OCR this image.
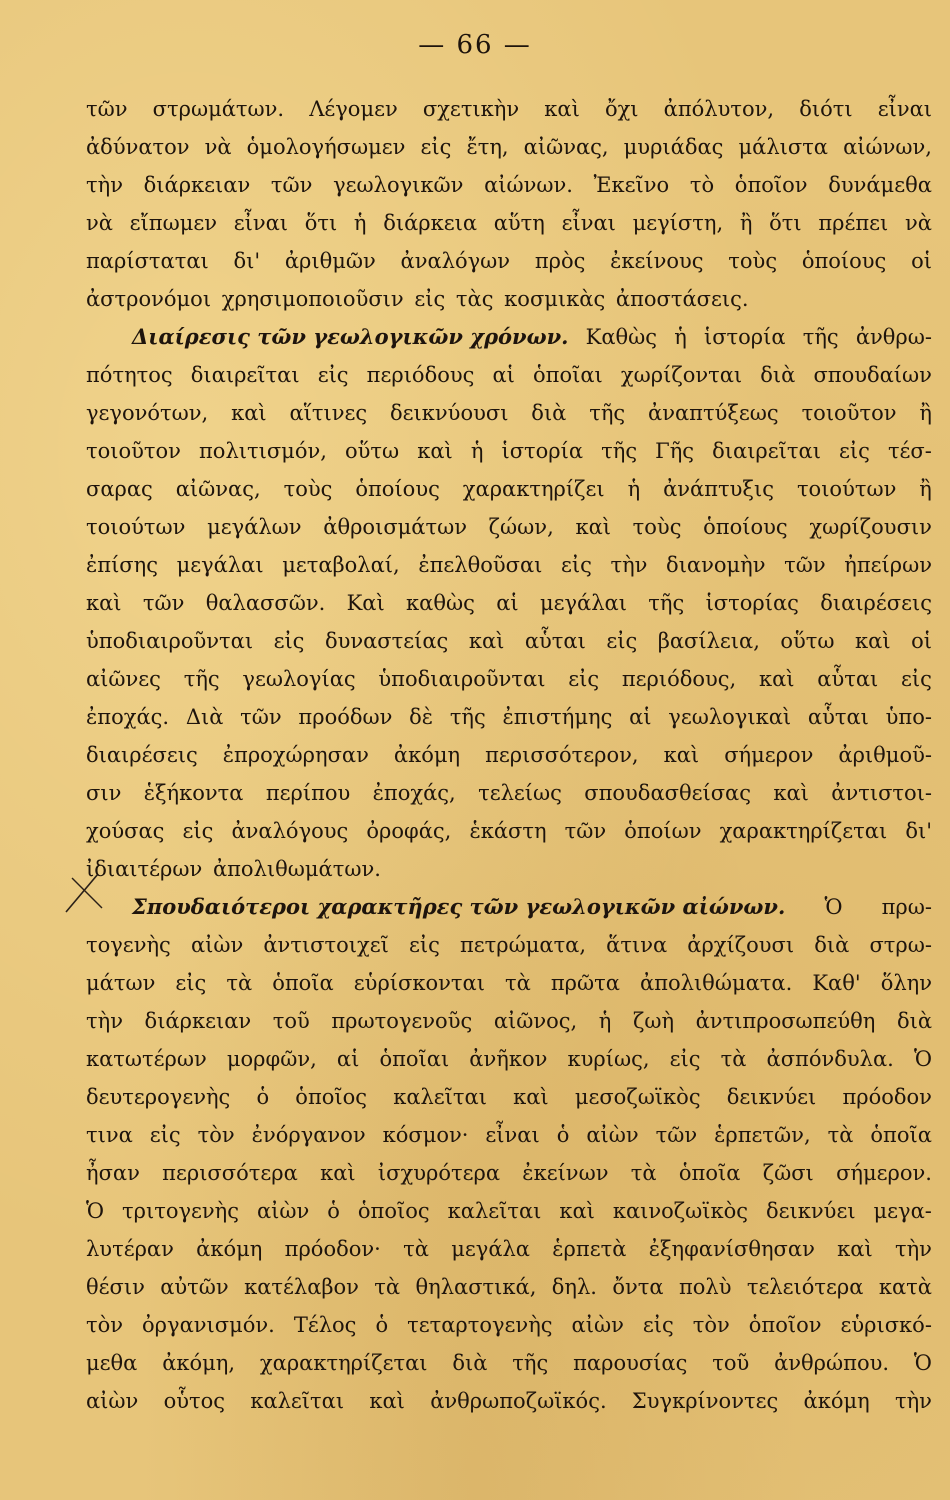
— 66 —
τῶν στρωμάτων. Λέγομεν σχετικὴν καὶ ὄχι ἀπόλυτον, διότι εἶναι
ἀδύνατον νὰ ὁμολογήσωμεν εἰς ἔτη, αἰῶνας, μυριάδας μάλιστα αἰώνων,
τὴν διάρκειαν τῶν γεωλογικῶν αἰώνων. Ἐκεῖνο τὸ ὁποῖον δυνάμεθα
νὰ εἴπωμεν εἶναι ὅτι ἡ διάρκεια αὕτη εἶναι μεγίστη, ἢ ὅτι πρέπει νὰ
παρίσταται δι' ἀριθμῶν ἀναλόγων πρὸς ἐκείνους τοὺς ὁποίους οἱ
ἀστρονόμοι χρησιμοποιοῦσιν εἰς τὰς κοσμικὰς ἀποστάσεις.
Διαίρεσις τῶν γεωλογικῶν χρόνων. Καθὼς ἡ ἱστορία τῆς ἀνθρω-
πότητος διαιρεῖται εἰς περιόδους αἱ ὁποῖαι χωρίζονται διὰ σπουδαίων
γεγονότων, καὶ αἵτινες δεικνύουσι διὰ τῆς ἀναπτύξεως τοιοῦτον ἢ
τοιοῦτον πολιτισμόν, οὕτω καὶ ἡ ἱστορία τῆς Γῆς διαιρεῖται εἰς τέσ-
σαρας αἰῶνας, τοὺς ὁποίους χαρακτηρίζει ἡ ἀνάπτυξις τοιούτων ἢ
τοιούτων μεγάλων ἀθροισμάτων ζώων, καὶ τοὺς ὁποίους χωρίζουσιν
ἐπίσης μεγάλαι μεταβολαί, ἐπελθοῦσαι εἰς τὴν διανομὴν τῶν ἠπείρων
καὶ τῶν θαλασσῶν. Καὶ καθὼς αἱ μεγάλαι τῆς ἱστορίας διαιρέσεις
ὑποδιαιροῦνται εἰς δυναστείας καὶ αὗται εἰς βασίλεια, οὕτω καὶ οἱ
αἰῶνες τῆς γεωλογίας ὑποδιαιροῦνται εἰς περιόδους, καὶ αὗται εἰς
ἐποχάς. Διὰ τῶν προόδων δὲ τῆς ἐπιστήμης αἱ γεωλογικαὶ αὗται ὑπο-
διαιρέσεις ἐπροχώρησαν ἀκόμη περισσότερον, καὶ σήμερον ἀριθμοῦ-
σιν ἑξήκοντα περίπου ἐποχάς, τελείως σπουδασθείσας καὶ ἀντιστοι-
χούσας εἰς ἀναλόγους ὀροφάς, ἑκάστη τῶν ὁποίων χαρακτηρίζεται δι'
ἰδιαιτέρων ἀπολιθωμάτων.
Σπουδαιότεροι χαρακτῆρες τῶν γεωλογικῶν αἰώνων. Ὁ πρω-
τογενὴς αἰὼν ἀντιστοιχεῖ εἰς πετρώματα, ἅτινα ἀρχίζουσι διὰ στρω-
μάτων εἰς τὰ ὁποῖα εὑρίσκονται τὰ πρῶτα ἀπολιθώματα. Καθ' ὅλην
τὴν διάρκειαν τοῦ πρωτογενοῦς αἰῶνος, ἡ ζωὴ ἀντιπροσωπεύθη διὰ
κατωτέρων μορφῶν, αἱ ὁποῖαι ἀνῆκον κυρίως, εἰς τὰ ἀσπόνδυλα. Ὁ
δευτερογενὴς ὁ ὁποῖος καλεῖται καὶ μεσοζωϊκὸς δεικνύει πρόοδον
τινα εἰς τὸν ἐνόργανον κόσμον· εἶναι ὁ αἰὼν τῶν ἑρπετῶν, τὰ ὁποῖα
ἦσαν περισσότερα καὶ ἰσχυρότερα ἐκείνων τὰ ὁποῖα ζῶσι σήμερον.
Ὁ τριτογενὴς αἰὼν ὁ ὁποῖος καλεῖται καὶ καινοζωϊκὸς δεικνύει μεγα-
λυτέραν ἀκόμη πρόοδον· τὰ μεγάλα ἑρπετὰ ἐξηφανίσθησαν καὶ τὴν
θέσιν αὐτῶν κατέλαβον τὰ θηλαστικά, δηλ. ὄντα πολὺ τελειότερα κατὰ
τὸν ὀργανισμόν. Τέλος ὁ τεταρτογενὴς αἰὼν εἰς τὸν ὁποῖον εὑρισκό-
μεθα ἀκόμη, χαρακτηρίζεται διὰ τῆς παρουσίας τοῦ ἀνθρώπου. Ὁ
αἰὼν οὗτος καλεῖται καὶ ἀνθρωποζωϊκός. Συγκρίνοντες ἀκόμη τὴν
